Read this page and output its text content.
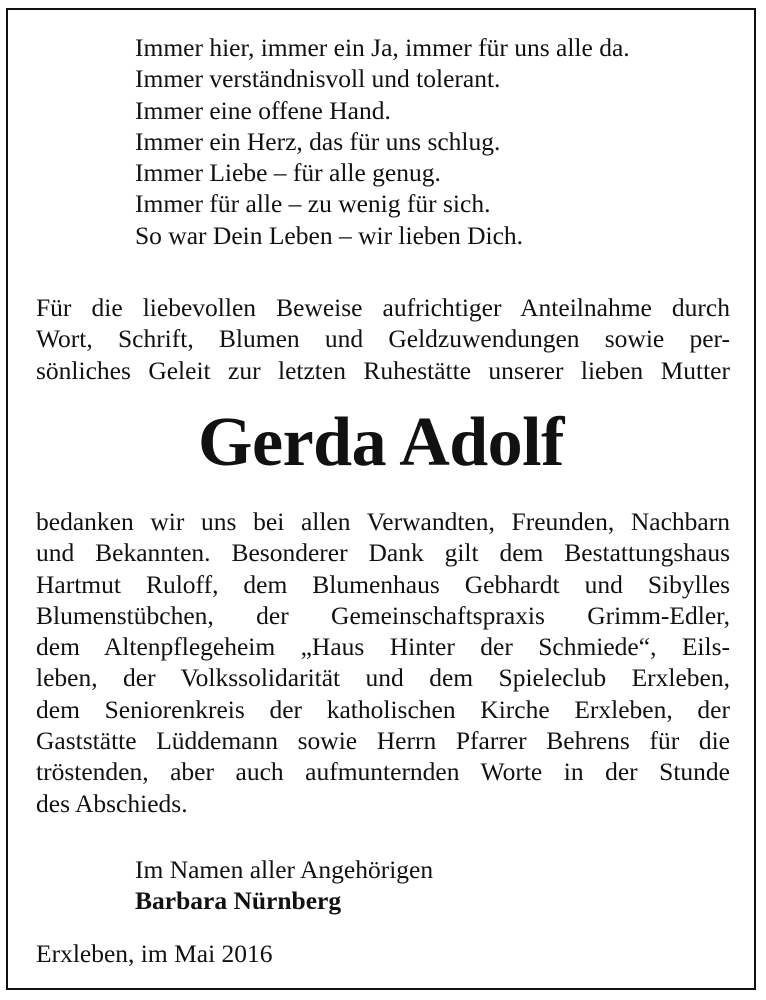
Immer hier, immer ein Ja, immer für uns alle da.
Immer verständnisvoll und tolerant.
Immer eine offene Hand.
Immer ein Herz, das für uns schlug.
Immer Liebe – für alle genug.
Immer für alle – zu wenig für sich.
So war Dein Leben – wir lieben Dich.

Für die liebevollen Beweise aufrichtiger Anteilnahme durch
Wort, Schrift, Blumen und Geldzuwendungen sowie per-
sönliches Geleit zur letzten Ruhestätte unserer lieben Mutter

Gerda Adolf

bedanken wir uns bei allen Verwandten, Freunden, Nachbarn
und Bekannten. Besonderer Dank gilt dem Bestattungshaus
Hartmut Ruloff, dem Blumenhaus Gebhardt und Sibylles
Blumenstübchen, der Gemeinschaftspraxis Grimm-Edler,
dem Altenpflegeheim „Haus Hinter der Schmiede“, Eils-
leben, der Volkssolidarität und dem Spieleclub Erxleben,
dem Seniorenkreis der katholischen Kirche Erxleben, der
Gaststätte Lüddemann sowie Herrn Pfarrer Behrens für die
tröstenden, aber auch aufmunternden Worte in der Stunde
des Abschieds.

Im Namen aller Angehörigen
Barbara Nürnberg
Erxleben, im Mai 2016
